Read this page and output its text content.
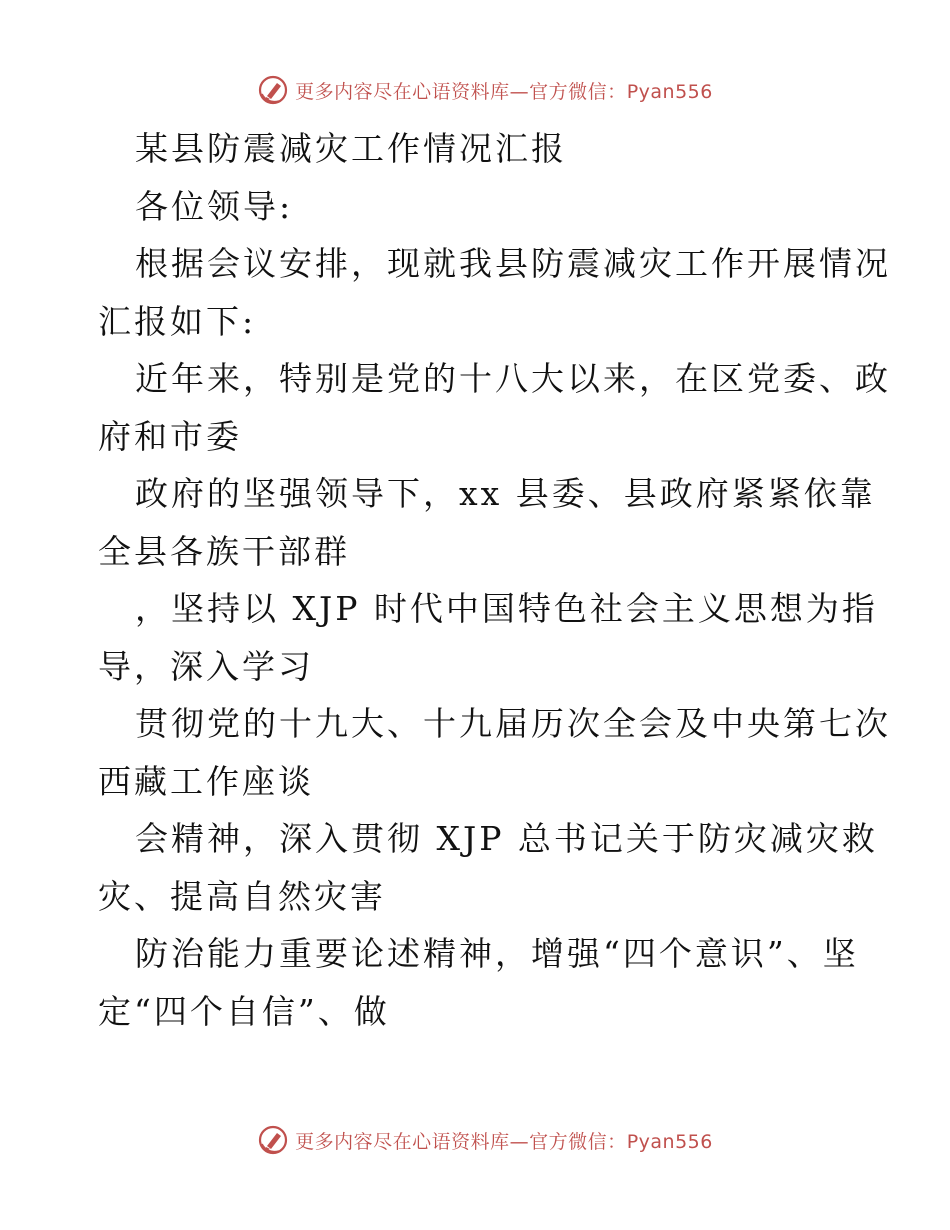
更多内容尽在心语资料库—官方微信：Pyan556
某县防震减灾工作情况汇报
各位领导:
根据会议安排，现就我县防震减灾工作开展情况
汇报如下:
近年来，特别是党的十八大以来，在区党委、政
府和市委
政府的坚强领导下，xx 县委、县政府紧紧依靠
全县各族干部群
，坚持以 XJP 时代中国特色社会主义思想为指
导，深入学习
贯彻党的十九大、十九届历次全会及中央第七次
西藏工作座谈
会精神，深入贯彻 XJP 总书记关于防灾减灾救
灾、提高自然灾害
防治能力重要论述精神，增强“四个意识”、坚
定“四个自信”、做
更多内容尽在心语资料库—官方微信：Pyan556
